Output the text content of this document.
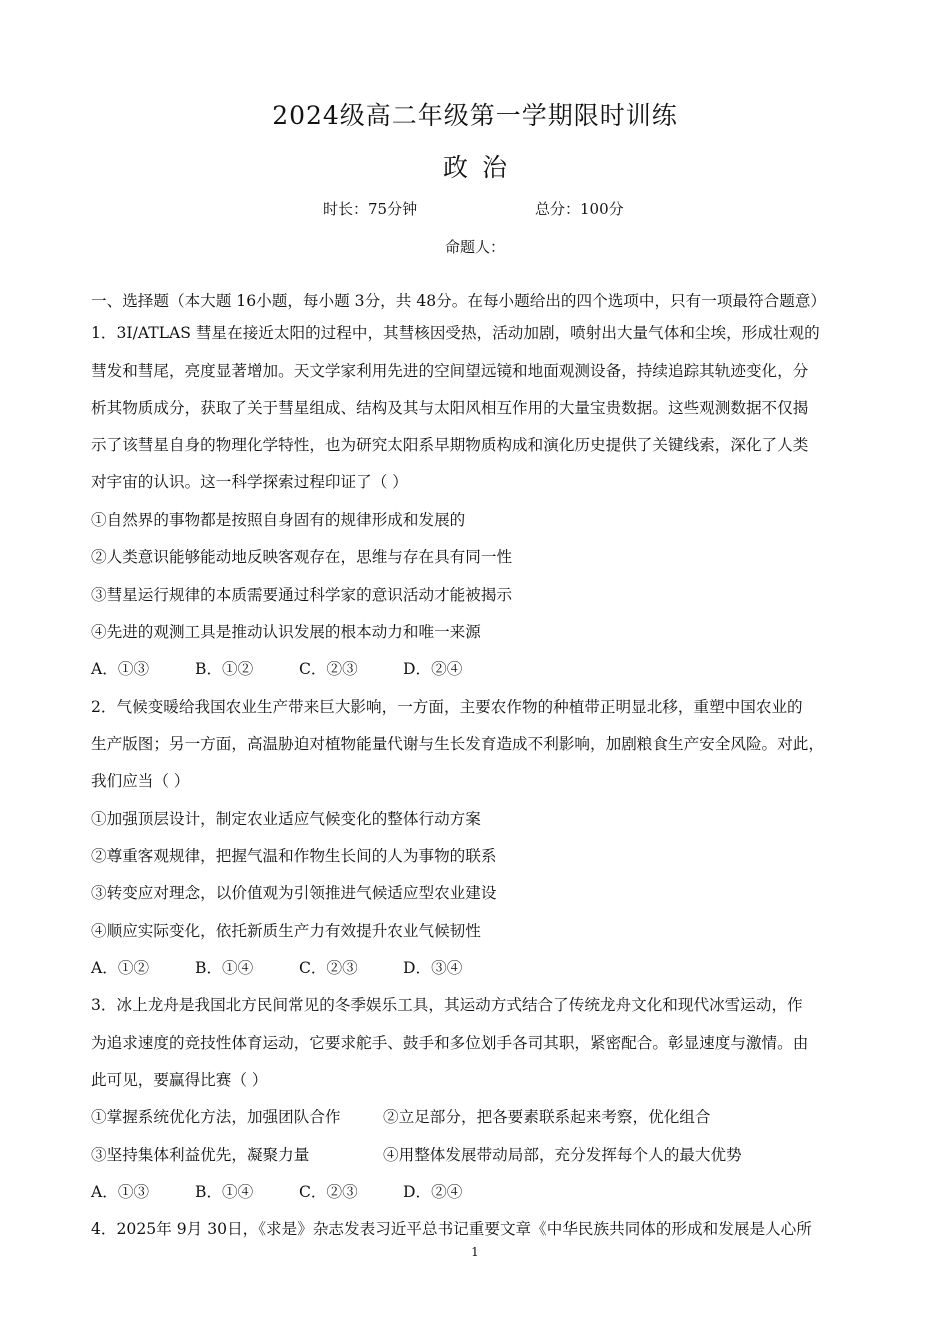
2024级高二年级第一学期限时训练
政治
时长：75分钟	总分：100分
命题人：
一、选择题（本大题 16小题，每小题 3分，共 48分。在每小题给出的四个选项中，只有一项最符合题意）
1．3I/ATLAS 彗星在接近太阳的过程中，其彗核因受热，活动加剧，喷射出大量气体和尘埃，形成壮观的
彗发和彗尾，亮度显著增加。天文学家利用先进的空间望远镜和地面观测设备，持续追踪其轨迹变化，分
析其物质成分，获取了关于彗星组成、结构及其与太阳风相互作用的大量宝贵数据。这些观测数据不仅揭
示了该彗星自身的物理化学特性，也为研究太阳系早期物质构成和演化历史提供了关键线索，深化了人类
对宇宙的认识。这一科学探索过程印证了（ ）
①自然界的事物都是按照自身固有的规律形成和发展的
②人类意识能够能动地反映客观存在，思维与存在具有同一性
③彗星运行规律的本质需要通过科学家的意识活动才能被揭示
④先进的观测工具是推动认识发展的根本动力和唯一来源
A．①③	B．①②	C．②③	D．②④
2．气候变暖给我国农业生产带来巨大影响，一方面，主要农作物的种植带正明显北移，重塑中国农业的
生产版图；另一方面，高温胁迫对植物能量代谢与生长发育造成不利影响，加剧粮食生产安全风险。对此，
我们应当（ ）
①加强顶层设计，制定农业适应气候变化的整体行动方案
②尊重客观规律，把握气温和作物生长间的人为事物的联系
③转变应对理念，以价值观为引领推进气候适应型农业建设
④顺应实际变化，依托新质生产力有效提升农业气候韧性
A．①②	B．①④	C．②③	D．③④
3．冰上龙舟是我国北方民间常见的冬季娱乐工具，其运动方式结合了传统龙舟文化和现代冰雪运动，作
为追求速度的竞技性体育运动，它要求舵手、鼓手和多位划手各司其职，紧密配合。彰显速度与激情。由
此可见，要赢得比赛（ ）
①掌握系统优化方法，加强团队合作	②立足部分，把各要素联系起来考察，优化组合
③坚持集体利益优先，凝聚力量	④用整体发展带动局部，充分发挥每个人的最大优势
A．①③	B．①④	C．②③	D．②④
4．2025年 9月 30日，《求是》杂志发表习近平总书记重要文章《中华民族共同体的形成和发展是人心所
1
